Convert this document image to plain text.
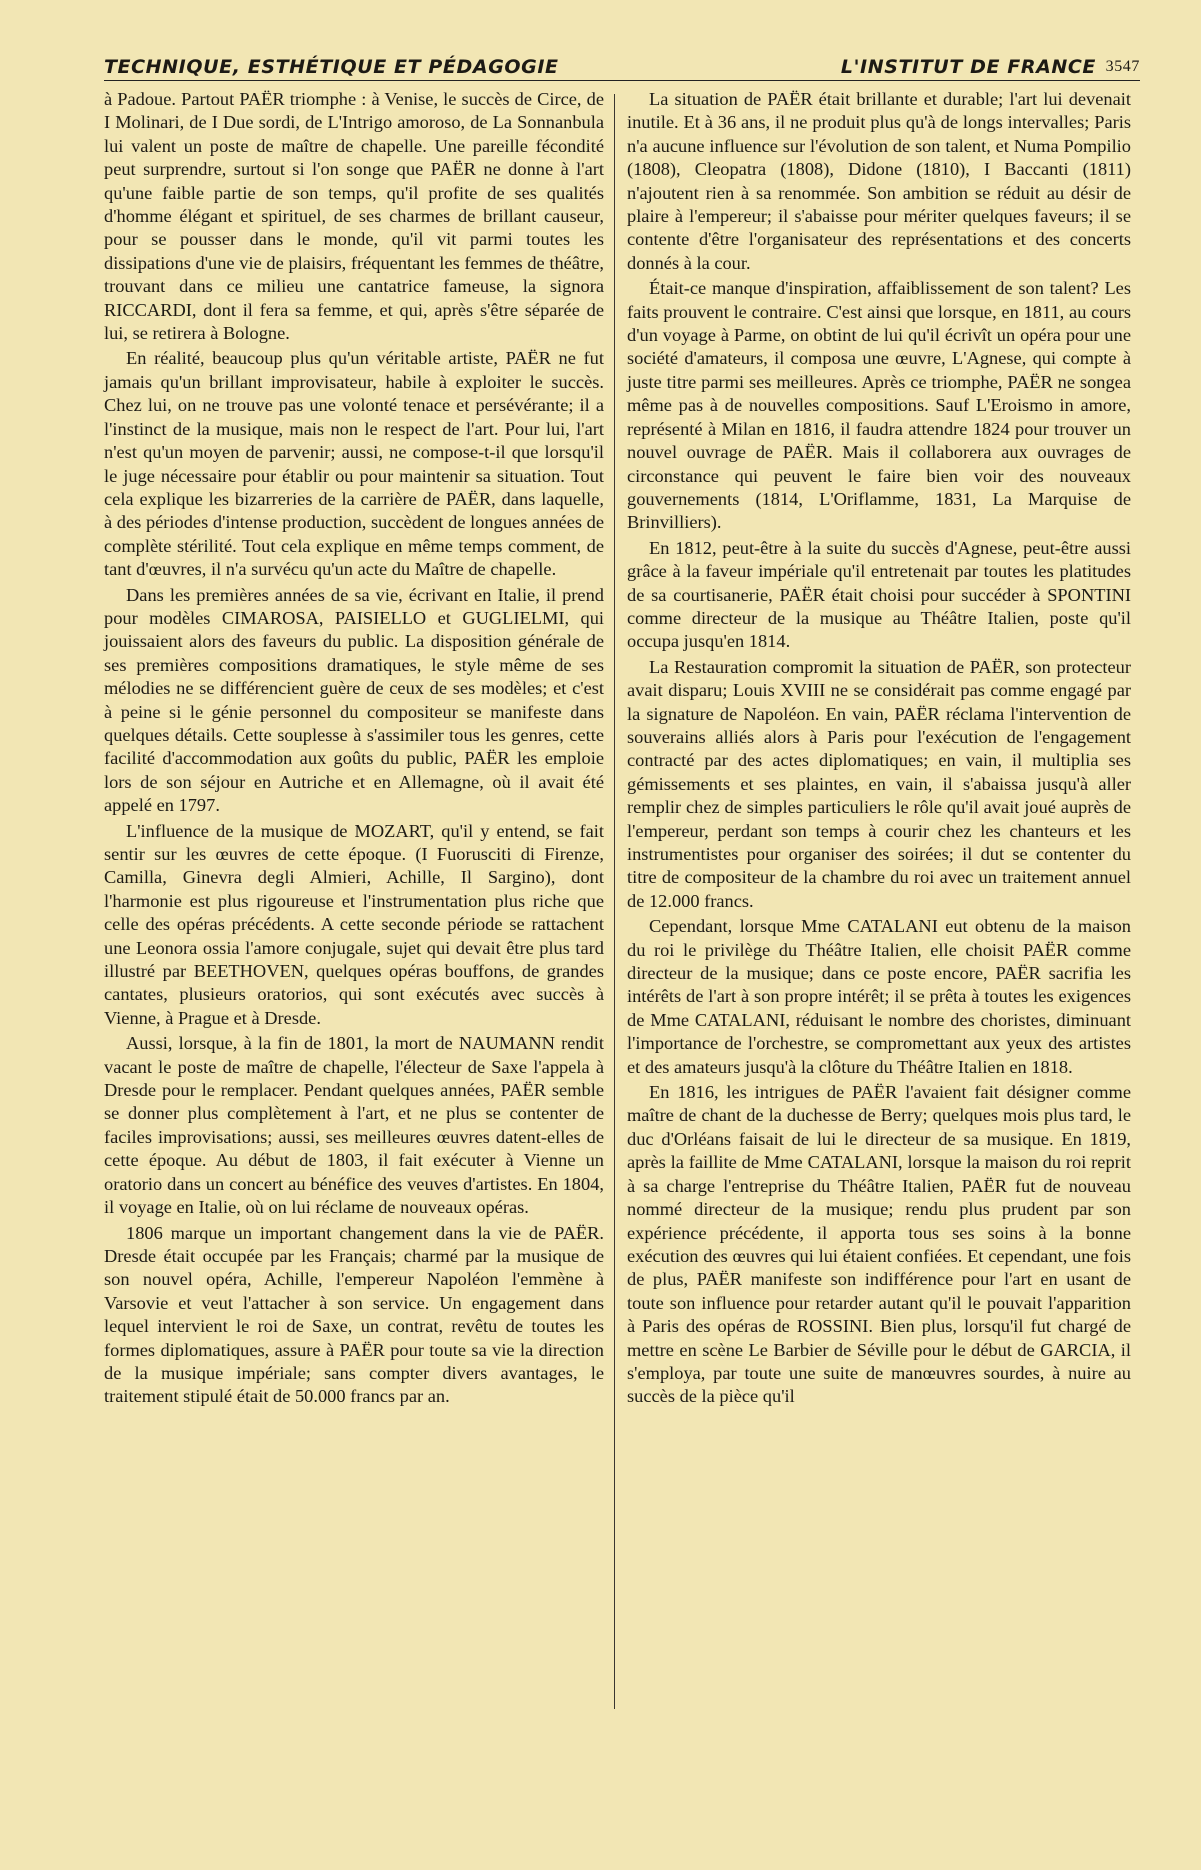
TECHNIQUE, ESTHÉTIQUE ET PÉDAGOGIE	L'INSTITUT DE FRANCE 3547

à Padoue. Partout PAËR triomphe : à Venise, le succès de Circe, de I Molinari, de I Due sordi, de L'Intrigo amoroso, de La Sonnanbula lui valent un poste de maître de chapelle. Une pareille fécondité peut surprendre, surtout si l'on songe que PAËR ne donne à l'art qu'une faible partie de son temps, qu'il profite de ses qualités d'homme élégant et spirituel, de ses charmes de brillant causeur, pour se pousser dans le monde, qu'il vit parmi toutes les dissipations d'une vie de plaisirs, fréquentant les femmes de théâtre, trouvant dans ce milieu une cantatrice fameuse, la signora RICCARDI, dont il fera sa femme, et qui, après s'être séparée de lui, se retirera à Bologne.

En réalité, beaucoup plus qu'un véritable artiste, PAËR ne fut jamais qu'un brillant improvisateur, habile à exploiter le succès. Chez lui, on ne trouve pas une volonté tenace et persévérante; il a l'instinct de la musique, mais non le respect de l'art. Pour lui, l'art n'est qu'un moyen de parvenir; aussi, ne compose-t-il que lorsqu'il le juge nécessaire pour établir ou pour maintenir sa situation. Tout cela explique les bizarreries de la carrière de PAËR, dans laquelle, à des périodes d'intense production, succèdent de longues années de complète stérilité. Tout cela explique en même temps comment, de tant d'œuvres, il n'a survécu qu'un acte du Maître de chapelle.

Dans les premières années de sa vie, écrivant en Italie, il prend pour modèles CIMAROSA, PAISIELLO et GUGLIELMI, qui jouissaient alors des faveurs du public. La disposition générale de ses premières compositions dramatiques, le style même de ses mélodies ne se différencient guère de ceux de ses modèles; et c'est à peine si le génie personnel du compositeur se manifeste dans quelques détails. Cette souplesse à s'assimiler tous les genres, cette facilité d'accommodation aux goûts du public, PAËR les emploie lors de son séjour en Autriche et en Allemagne, où il avait été appelé en 1797.

L'influence de la musique de MOZART, qu'il y entend, se fait sentir sur les œuvres de cette époque. (I Fuorusciti di Firenze, Camilla, Ginevra degli Almieri, Achille, Il Sargino), dont l'harmonie est plus rigoureuse et l'instrumentation plus riche que celle des opéras précédents. A cette seconde période se rattachent une Leonora ossia l'amore conjugale, sujet qui devait être plus tard illustré par BEETHOVEN, quelques opéras bouffons, de grandes cantates, plusieurs oratorios, qui sont exécutés avec succès à Vienne, à Prague et à Dresde.

Aussi, lorsque, à la fin de 1801, la mort de NAUMANN rendit vacant le poste de maître de chapelle, l'électeur de Saxe l'appela à Dresde pour le remplacer. Pendant quelques années, PAËR semble se donner plus complètement à l'art, et ne plus se contenter de faciles improvisations; aussi, ses meilleures œuvres datent-elles de cette époque. Au début de 1803, il fait exécuter à Vienne un oratorio dans un concert au bénéfice des veuves d'artistes. En 1804, il voyage en Italie, où on lui réclame de nouveaux opéras.

1806 marque un important changement dans la vie de PAËR. Dresde était occupée par les Français; charmé par la musique de son nouvel opéra, Achille, l'empereur Napoléon l'emmène à Varsovie et veut l'attacher à son service. Un engagement dans lequel intervient le roi de Saxe, un contrat, revêtu de toutes les formes diplomatiques, assure à PAËR pour toute sa vie la direction de la musique impériale; sans compter divers avantages, le traitement stipulé était de 50.000 francs par an.

La situation de PAËR était brillante et durable; l'art lui devenait inutile. Et à 36 ans, il ne produit plus qu'à de longs intervalles; Paris n'a aucune influence sur l'évolution de son talent, et Numa Pompilio (1808), Cleopatra (1808), Didone (1810), I Baccanti (1811) n'ajoutent rien à sa renommée. Son ambition se réduit au désir de plaire à l'empereur; il s'abaisse pour mériter quelques faveurs; il se contente d'être l'organisateur des représentations et des concerts donnés à la cour.

Était-ce manque d'inspiration, affaiblissement de son talent? Les faits prouvent le contraire. C'est ainsi que lorsque, en 1811, au cours d'un voyage à Parme, on obtint de lui qu'il écrivît un opéra pour une société d'amateurs, il composa une œuvre, L'Agnese, qui compte à juste titre parmi ses meilleures. Après ce triomphe, PAËR ne songea même pas à de nouvelles compositions. Sauf L'Eroismo in amore, représenté à Milan en 1816, il faudra attendre 1824 pour trouver un nouvel ouvrage de PAËR. Mais il collaborera aux ouvrages de circonstance qui peuvent le faire bien voir des nouveaux gouvernements (1814, L'Oriflamme, 1831, La Marquise de Brinvilliers).

En 1812, peut-être à la suite du succès d'Agnese, peut-être aussi grâce à la faveur impériale qu'il entretenait par toutes les platitudes de sa courtisanerie, PAËR était choisi pour succéder à SPONTINI comme directeur de la musique au Théâtre Italien, poste qu'il occupa jusqu'en 1814.

La Restauration compromit la situation de PAËR, son protecteur avait disparu; Louis XVIII ne se considérait pas comme engagé par la signature de Napoléon. En vain, PAËR réclama l'intervention de souverains alliés alors à Paris pour l'exécution de l'engagement contracté par des actes diplomatiques; en vain, il multiplia ses gémissements et ses plaintes, en vain, il s'abaissa jusqu'à aller remplir chez de simples particuliers le rôle qu'il avait joué auprès de l'empereur, perdant son temps à courir chez les chanteurs et les instrumentistes pour organiser des soirées; il dut se contenter du titre de compositeur de la chambre du roi avec un traitement annuel de 12.000 francs.

Cependant, lorsque Mme CATALANI eut obtenu de la maison du roi le privilège du Théâtre Italien, elle choisit PAËR comme directeur de la musique; dans ce poste encore, PAËR sacrifia les intérêts de l'art à son propre intérêt; il se prêta à toutes les exigences de Mme CATALANI, réduisant le nombre des choristes, diminuant l'importance de l'orchestre, se compromettant aux yeux des artistes et des amateurs jusqu'à la clôture du Théâtre Italien en 1818.

En 1816, les intrigues de PAËR l'avaient fait désigner comme maître de chant de la duchesse de Berry; quelques mois plus tard, le duc d'Orléans faisait de lui le directeur de sa musique. En 1819, après la faillite de Mme CATALANI, lorsque la maison du roi reprit à sa charge l'entreprise du Théâtre Italien, PAËR fut de nouveau nommé directeur de la musique; rendu plus prudent par son expérience précédente, il apporta tous ses soins à la bonne exécution des œuvres qui lui étaient confiées. Et cependant, une fois de plus, PAËR manifeste son indifférence pour l'art en usant de toute son influence pour retarder autant qu'il le pouvait l'apparition à Paris des opéras de ROSSINI. Bien plus, lorsqu'il fut chargé de mettre en scène Le Barbier de Séville pour le début de GARCIA, il s'employa, par toute une suite de manœuvres sourdes, à nuire au succès de la pièce qu'il
